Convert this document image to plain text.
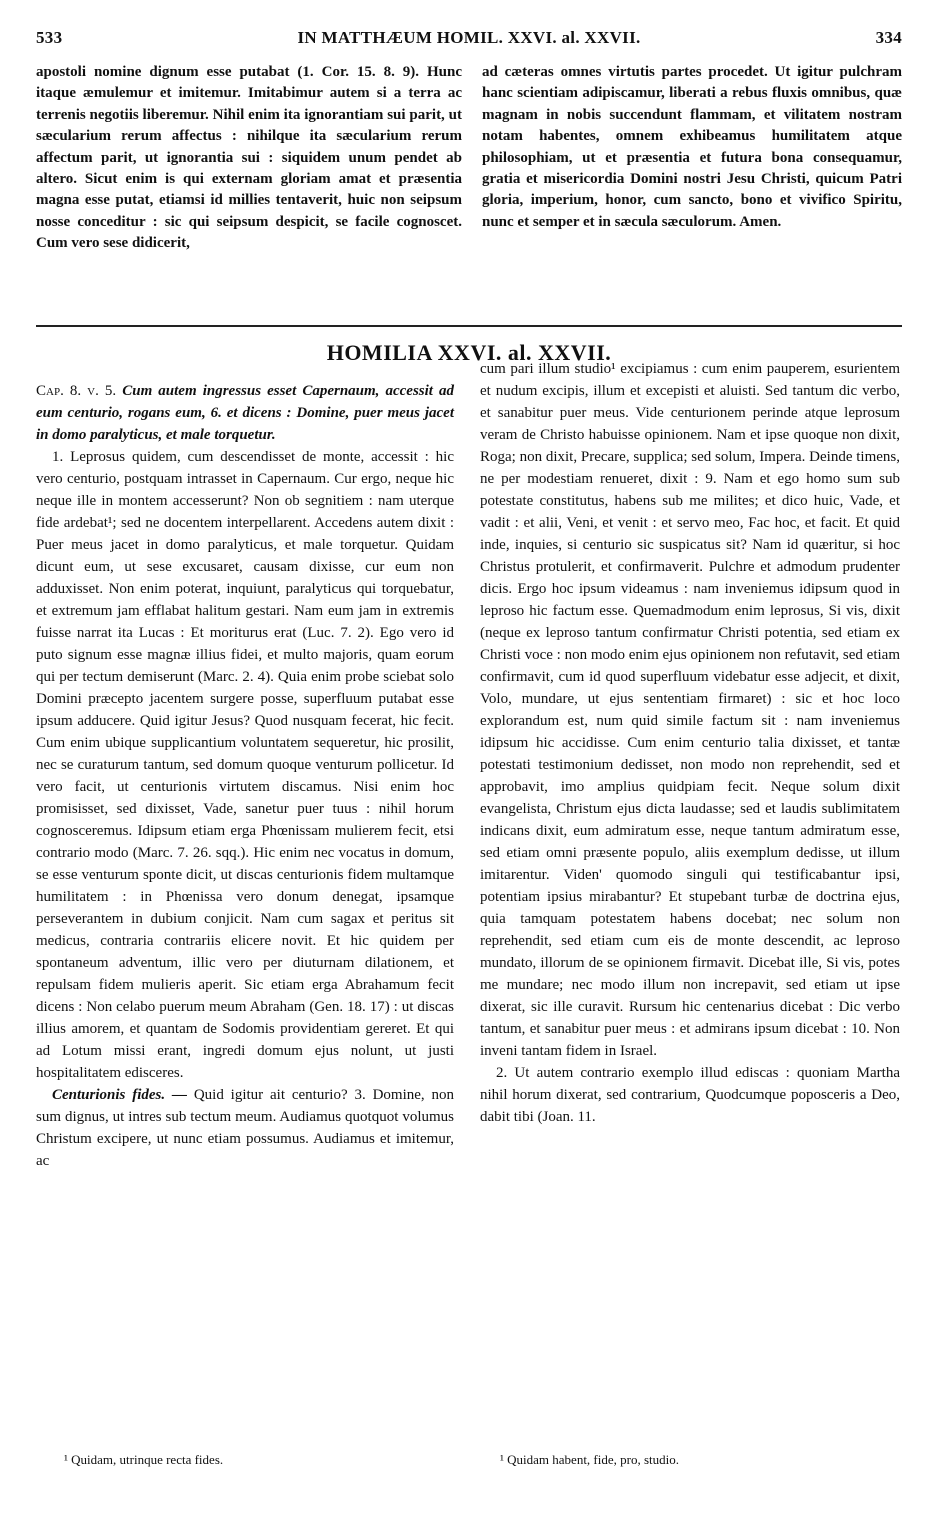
533	IN MATTHÆUM HOMIL. XXVI. al. XXVII.	334

apostoli nomine dignum esse putabat (1. Cor. 15. 8. 9). Hunc itaque æmulemur et imitemur. Imitabimur autem si a terra ac terrenis negotiis liberemur. Nihil enim ita ignorantiam sui parit, ut sæcularium rerum affectus : nihilque ita sæcularium rerum affectum parit, ut ignorantia sui : siquidem unum pendet ab altero. Sicut enim is qui externam gloriam amat et præsentia magna esse putat, etiamsi id millies tentaverit, huic non seipsum nosse conceditur : sic qui seipsum despicit, se facile cognoscet. Cum vero sese didicerit,

ad cæteras omnes virtutis partes procedet. Ut igitur pulchram hanc scientiam adipiscamur, liberati a rebus fluxis omnibus, quæ magnam in nobis succendunt flammam, et vilitatem nostram notam habentes, omnem exhibeamus humilitatem atque philosophiam, ut et præsentia et futura bona consequamur, gratia et misericordia Domini nostri Jesu Christi, quicum Patri gloria, imperium, honor, cum sancto, bono et vivifico Spiritu, nunc et semper et in sæcula sæculorum. Amen.

HOMILIA XXVI. al. XXVII.

Cap. 8. v. 5. Cum autem ingressus esset Capernaum, accessit ad eum centurio, rogans eum, 6. et dicens : Domine, puer meus jacet in domo paralyticus, et male torquetur.

1. Leprosus quidem, cum descendisset de monte, accessit : hic vero centurio, postquam intrasset in Capernaum. Cur ergo, neque hic neque ille in montem accesserunt? Non ob segnitiem : nam uterque fide ardebat¹; sed ne docentem interpellarent. Accedens autem dixit : Puer meus jacet in domo paralyticus, et male torquetur. Quidam dicunt eum, ut sese excusaret, causam dixisse, cur eum non adduxisset. Non enim poterat, inquiunt, paralyticus qui torquebatur, et extremum jam efflabat halitum gestari. Nam eum jam in extremis fuisse narrat ita Lucas : Et moriturus erat (Luc. 7. 2). Ego vero id puto signum esse magnæ illius fidei, et multo majoris, quam eorum qui per tectum demiserunt (Marc. 2. 4). Quia enim probe sciebat solo Domini præcepto jacentem surgere posse, superfluum putabat esse ipsum adducere. Quid igitur Jesus? Quod nusquam fecerat, hic fecit. Cum enim ubique supplicantium voluntatem sequeretur, hic prosilit, nec se curaturum tantum, sed domum quoque venturum pollicetur. Id vero facit, ut centurionis virtutem discamus. Nisi enim hoc promisisset, sed dixisset, Vade, sanetur puer tuus : nihil horum cognosceremus. Idipsum etiam erga Phœnissam mulierem fecit, etsi contrario modo (Marc. 7. 26. sqq.). Hic enim nec vocatus in domum, se esse venturum sponte dicit, ut discas centurionis fidem multamque humilitatem : in Phœnissa vero donum denegat, ipsamque perseverantem in dubium conjicit. Nam cum sagax et peritus sit medicus, contraria contrariis elicere novit. Et hic quidem per spontaneum adventum, illic vero per diuturnam dilationem, et repulsam fidem mulieris aperit. Sic etiam erga Abrahamum fecit dicens : Non celabo puerum meum Abraham (Gen. 18. 17) : ut discas illius amorem, et quantam de Sodomis providentiam gereret. Et qui ad Lotum missi erant, ingredi domum ejus nolunt, ut justi hospitalitatem edisceres.

Centurionis fides. — Quid igitur ait centurio? 3. Domine, non sum dignus, ut intres sub tectum meum. Audiamus quotquot volumus Christum excipere, ut nunc etiam possumus. Audiamus et imitemur, ac

cum pari illum studio¹ excipiamus : cum enim pauperem, esurientem et nudum excipis, illum et excepisti et aluisti. Sed tantum dic verbo, et sanabitur puer meus. Vide centurionem perinde atque leprosum veram de Christo habuisse opinionem. Nam et ipse quoque non dixit, Roga; non dixit, Precare, supplica; sed solum, Impera. Deinde timens, ne per modestiam renueret, dixit : 9. Nam et ego homo sum sub potestate constitutus, habens sub me milites; et dico huic, Vade, et vadit : et alii, Veni, et venit : et servo meo, Fac hoc, et facit. Et quid inde, inquies, si centurio sic suspicatus sit? Nam id quæritur, si hoc Christus protulerit, et confirmaverit. Pulchre et admodum prudenter dicis. Ergo hoc ipsum videamus : nam inveniemus idipsum quod in leproso hic factum esse. Quemadmodum enim leprosus, Si vis, dixit (neque ex leproso tantum confirmatur Christi potentia, sed etiam ex Christi voce : non modo enim ejus opinionem non refutavit, sed etiam confirmavit, cum id quod superfluum videbatur esse adjecit, et dixit, Volo, mundare, ut ejus sententiam firmaret) : sic et hoc loco explorandum est, num quid simile factum sit : nam inveniemus idipsum hic accidisse. Cum enim centurio talia dixisset, et tantæ potestati testimonium dedisset, non modo non reprehendit, sed et approbavit, imo amplius quidpiam fecit. Neque solum dixit evangelista, Christum ejus dicta laudasse; sed et laudis sublimitatem indicans dixit, eum admiratum esse, neque tantum admiratum esse, sed etiam omni præsente populo, aliis exemplum dedisse, ut illum imitarentur. Viden' quomodo singuli qui testificabantur ipsi, potentiam ipsius mirabantur? Et stupebant turbæ de doctrina ejus, quia tamquam potestatem habens docebat; nec solum non reprehendit, sed etiam cum eis de monte descendit, ac leproso mundato, illorum de se opinionem firmavit. Dicebat ille, Si vis, potes me mundare; nec modo illum non increpavit, sed etiam ut ipse dixerat, sic ille curavit. Rursum hic centenarius dicebat : Dic verbo tantum, et sanabitur puer meus : et admirans ipsum dicebat : 10. Non inveni tantam fidem in Israel.

2. Ut autem contrario exemplo illud ediscas : quoniam Martha nihil horum dixerat, sed contrarium, Quodcumque poposceris a Deo, dabit tibi (Joan. 11.

¹ Quidam, utrinque recta fides.	¹ Quidam habent, fide, pro, studio.
